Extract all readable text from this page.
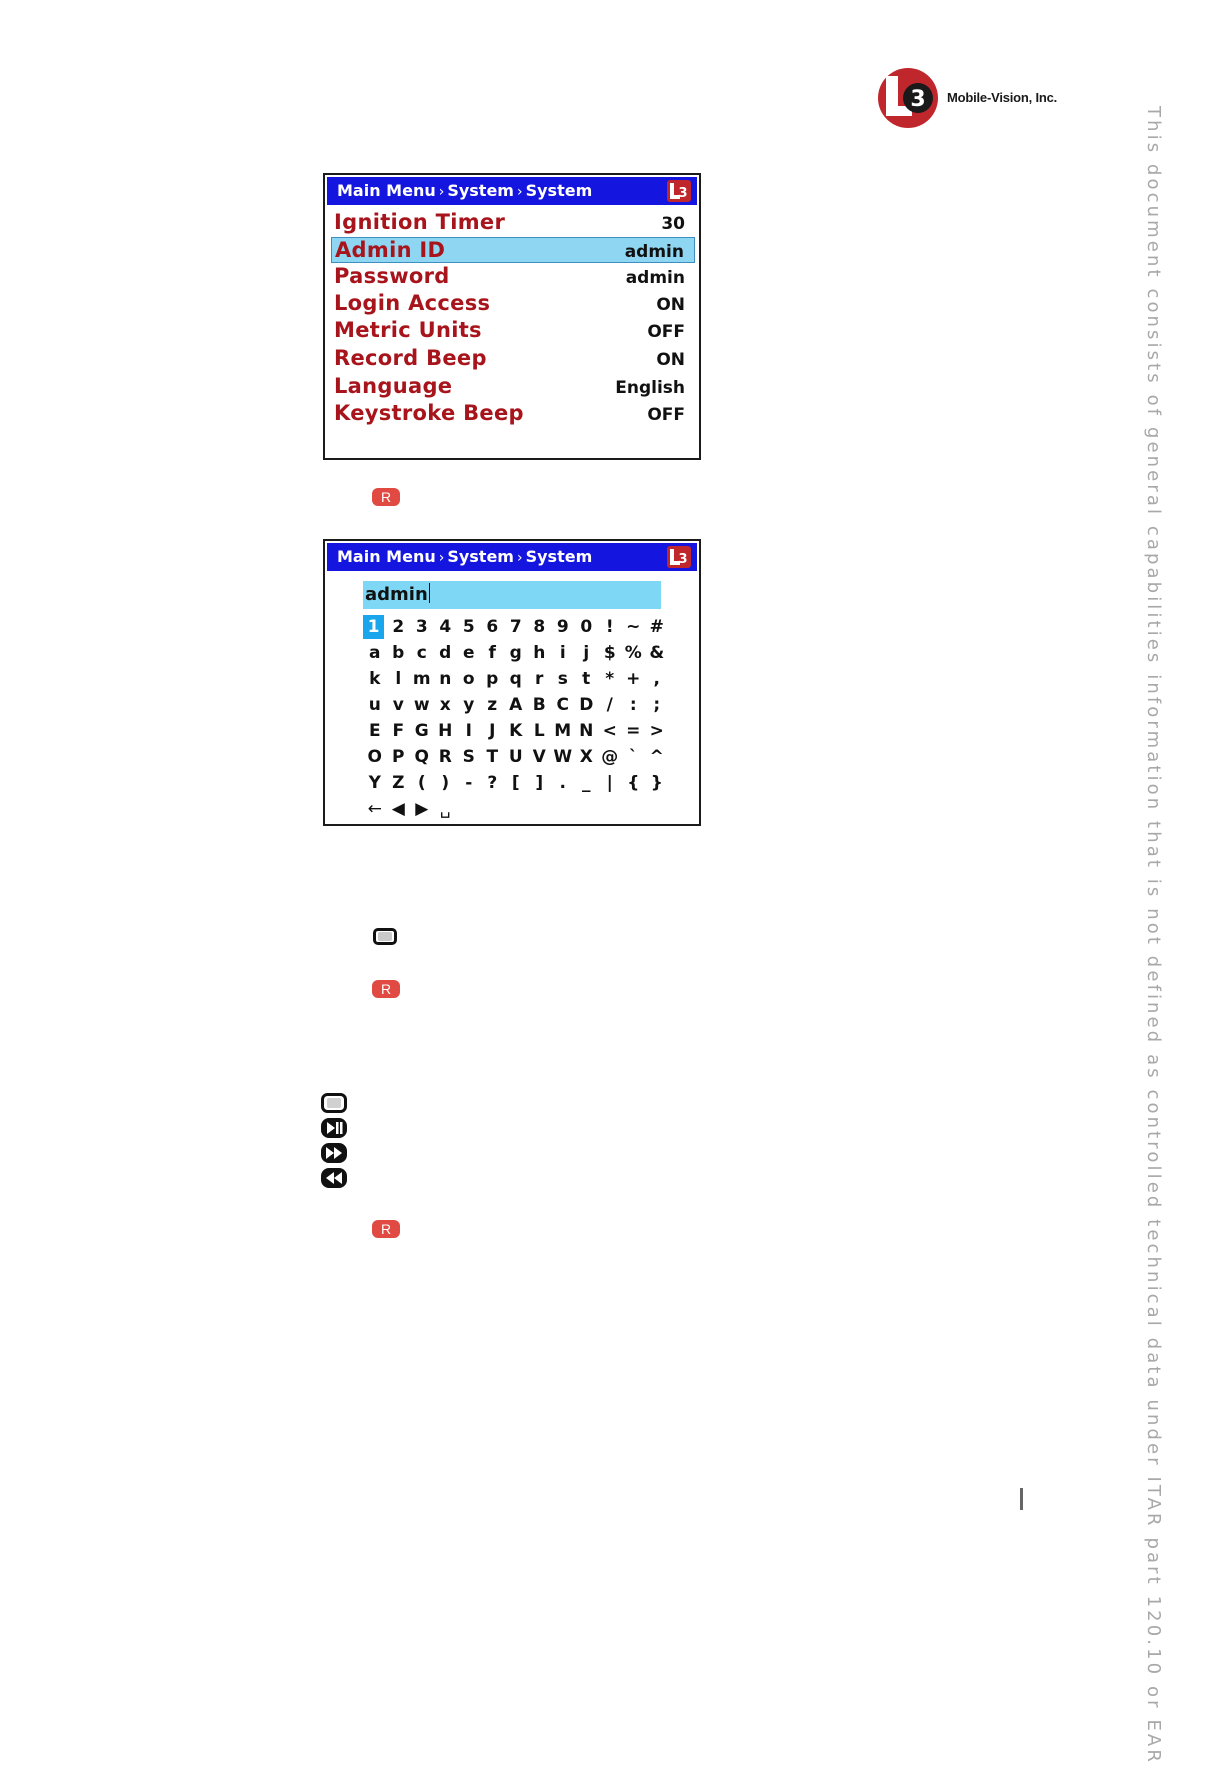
3 Mobile-Vision, Inc.
This document consists of general capabilities information that is not defined as controlled technical data under ITAR part 120.10 or EAR
Main Menu › System › System	3
Ignition Timer	30
Admin ID	admin
Password	admin
Login Access	ON
Metric Units	OFF
Record Beep	ON
Language	English
Keystroke Beep	OFF
R
Main Menu › System › System	3
admin
1 2 3 4 5 6 7 8 9 0 ! ~ #
a b c d e f g h i	j $ % &
k l m n o p q r s t * + ,
u v w x y z A B C D / : ;
E F G H I	J K L M N < = >
O P Q R S T U V W X @ ` ^
Y Z ( ) - ? [ ] . _ | { }
← ◀ ▶ ␣
R
R
